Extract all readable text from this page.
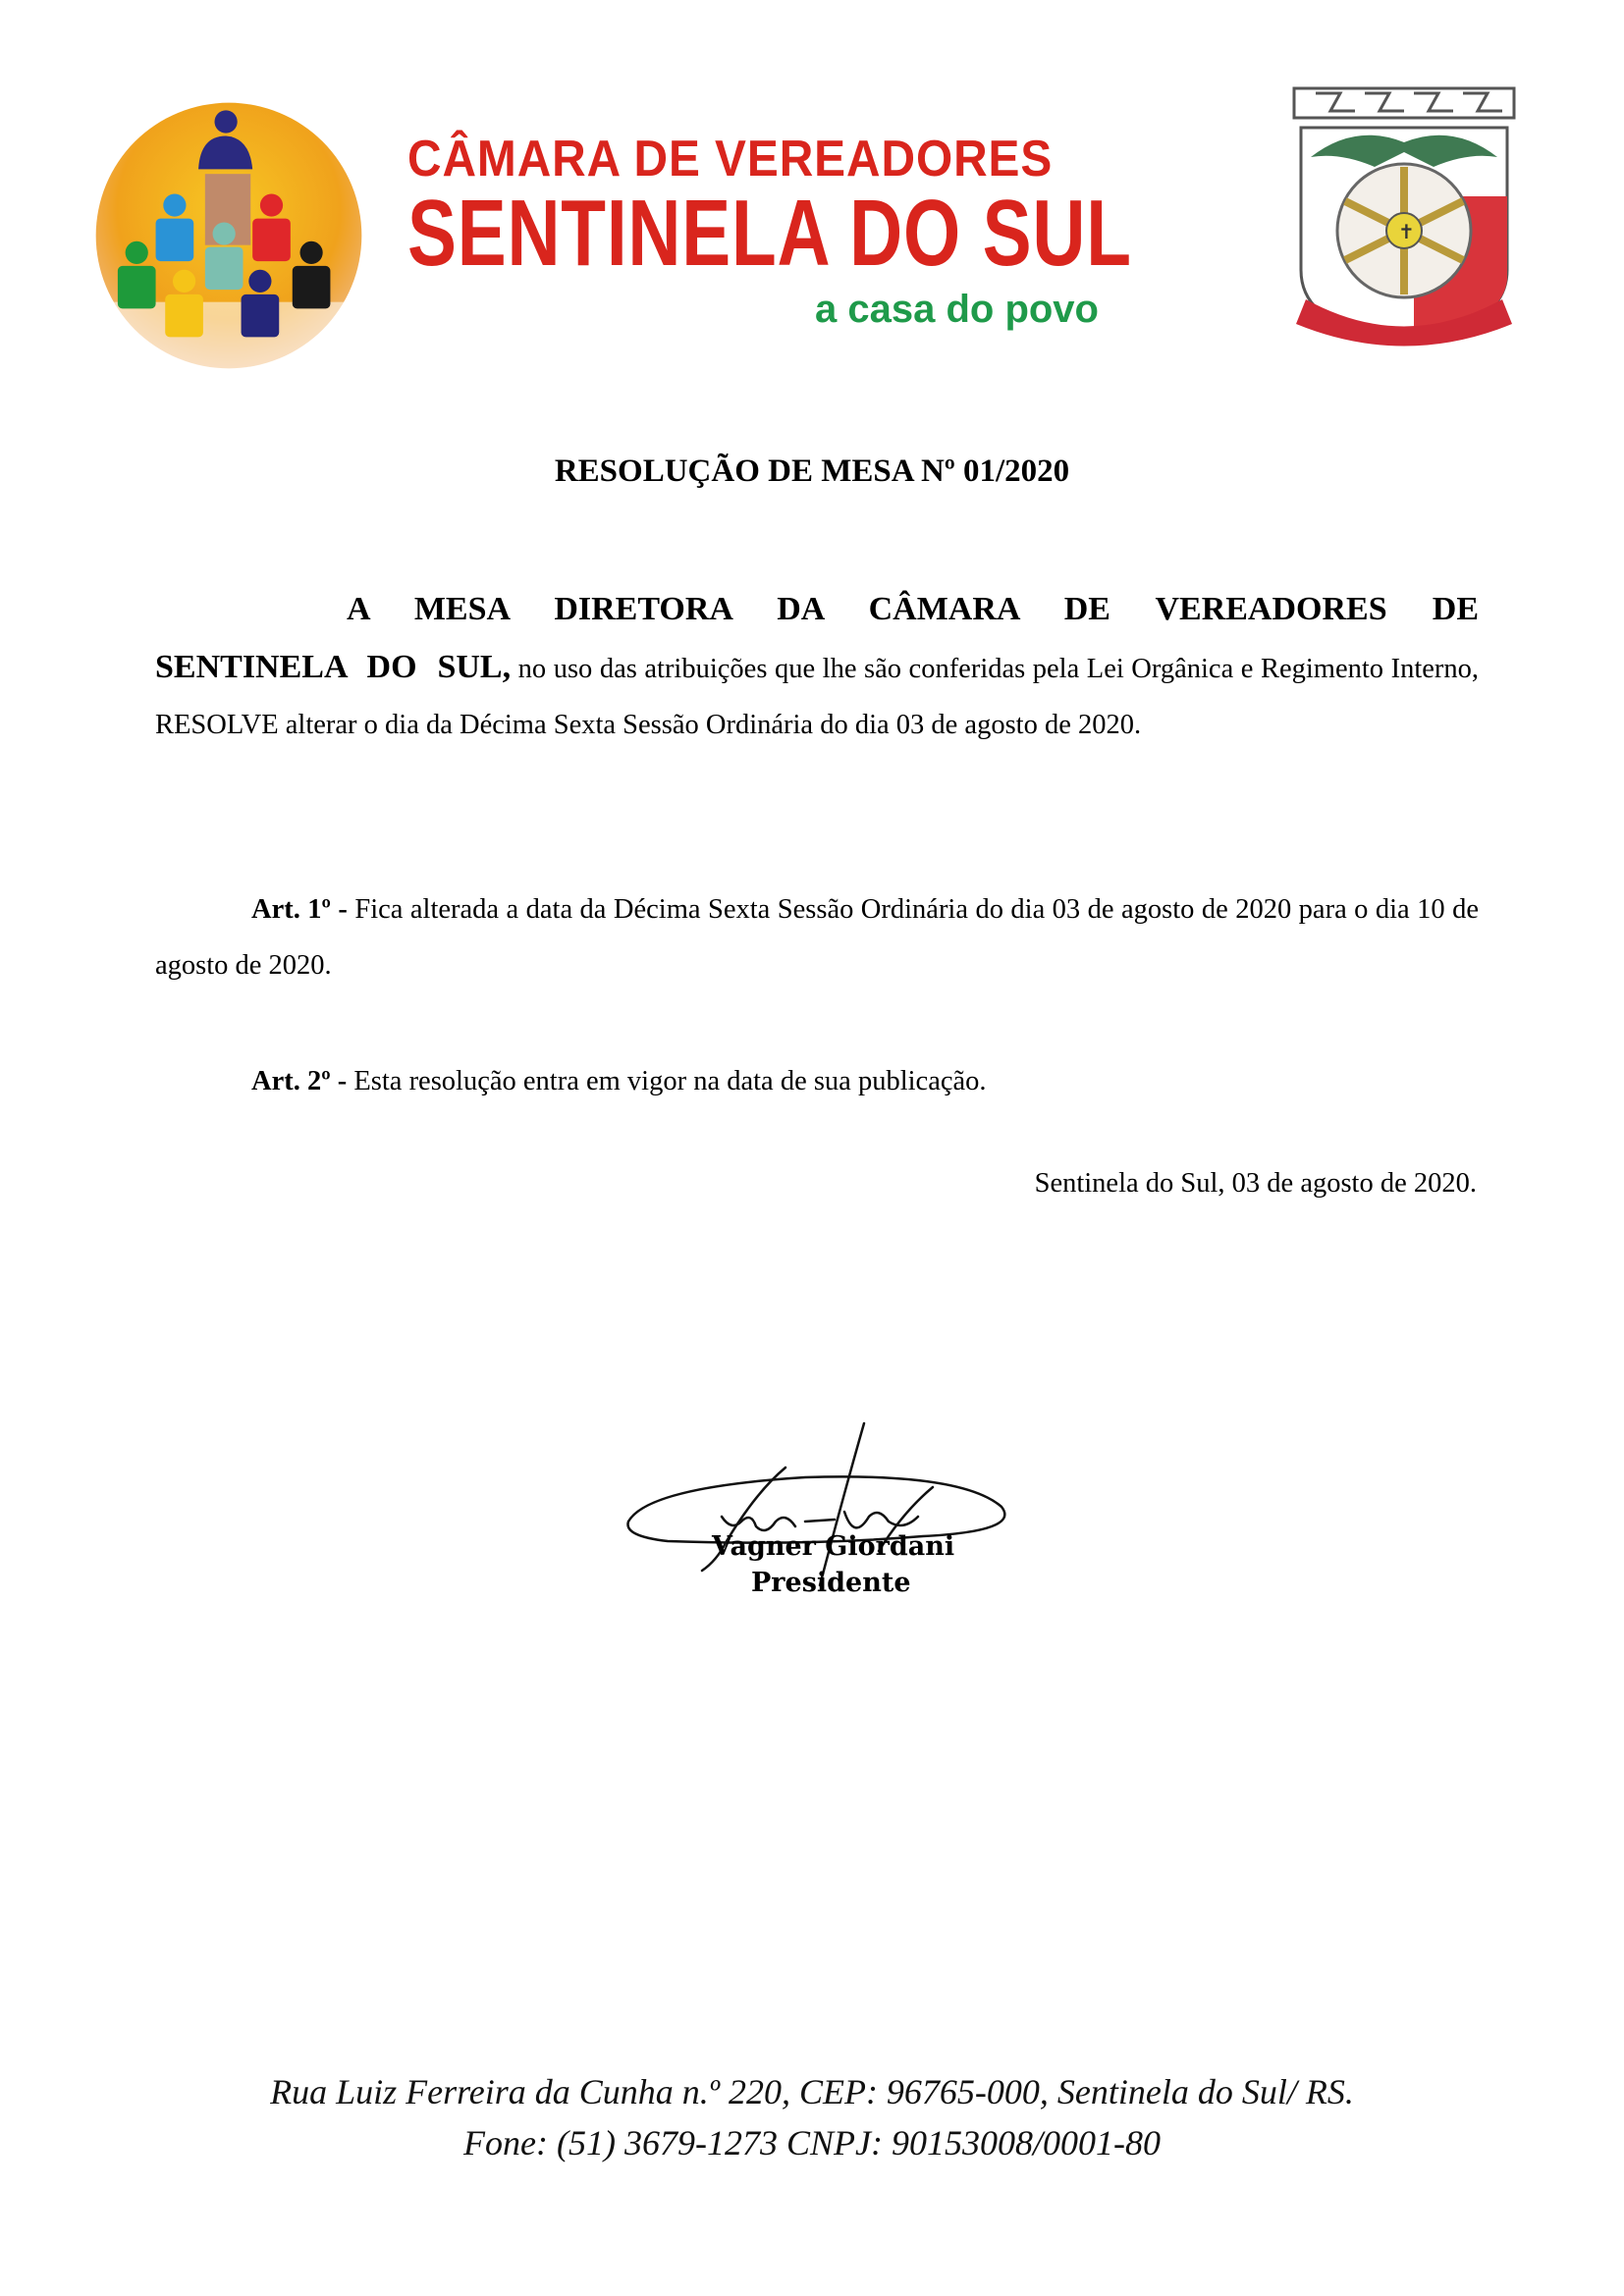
CÂMARA DE VEREADORES
SENTINELA DO SUL
a casa do povo
✝
RESOLUÇÃO DE MESA Nº 01/2020
A MESA DIRETORA DA CÂMARA DE VEREADORES DE SENTINELA DO SUL, no uso das atribuições que lhe são conferidas pela Lei Orgânica e Regimento Interno, RESOLVE alterar o dia da Décima Sexta Sessão Ordinária do dia 03 de agosto de 2020.
Art. 1º - Fica alterada a data da Décima Sexta Sessão Ordinária do dia 03 de agosto de 2020 para o dia 10 de agosto de 2020.
Art. 2º - Esta resolução entra em vigor na data de sua publicação.
Sentinela do Sul, 03 de agosto de 2020.
Vagner Giordani
Presidente
Rua Luiz Ferreira da Cunha n.º 220, CEP: 96765-000, Sentinela do Sul/ RS.
Fone: (51) 3679-1273 CNPJ: 90153008/0001-80
